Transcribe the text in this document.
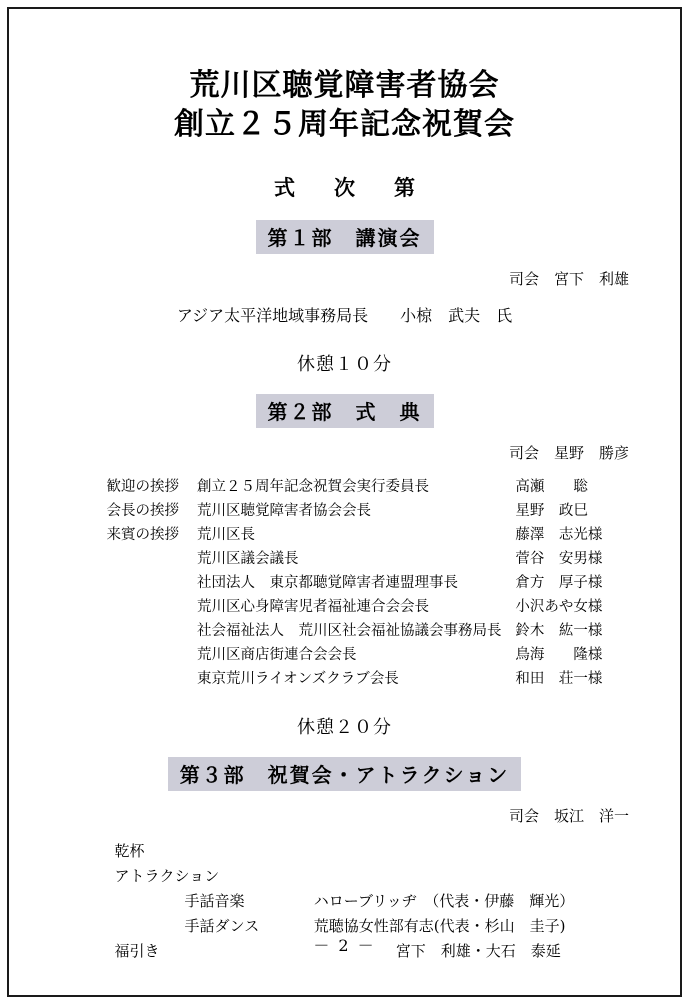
荒川区聴覚障害者協会
創立２５周年記念祝賀会
式　次　第
第１部　講演会
司会　宮下　利雄
アジア太平洋地域事務局長　　小椋　武夫　氏
休憩１０分
第２部　式　典
司会　星野　勝彦
歓迎の挨拶	創立２５周年記念祝賀会実行委員長	高瀬　　聡
会長の挨拶	荒川区聴覚障害者協会会長	星野　政巳
来賓の挨拶	荒川区長	藤澤　志光様
	荒川区議会議長	菅谷　安男様
	社団法人　東京都聴覚障害者連盟理事長	倉方　厚子様
	荒川区心身障害児者福祉連合会会長	小沢あや女様
	社会福祉法人　荒川区社会福祉協議会事務局長	鈴木　紘一様
	荒川区商店街連合会会長	鳥海　　隆様
	東京荒川ライオンズクラブ会長	和田　荘一様
休憩２０分
第３部　祝賀会・アトラクション
司会　坂江　洋一
乾杯	
アトラクション	
手話音楽	ハローブリッヂ　（代表・伊藤　輝光）
手話ダンス	荒聴協女性部有志(代表・杉山　圭子)
福引き	宮下　利雄・大石　泰延
－ 2 －
